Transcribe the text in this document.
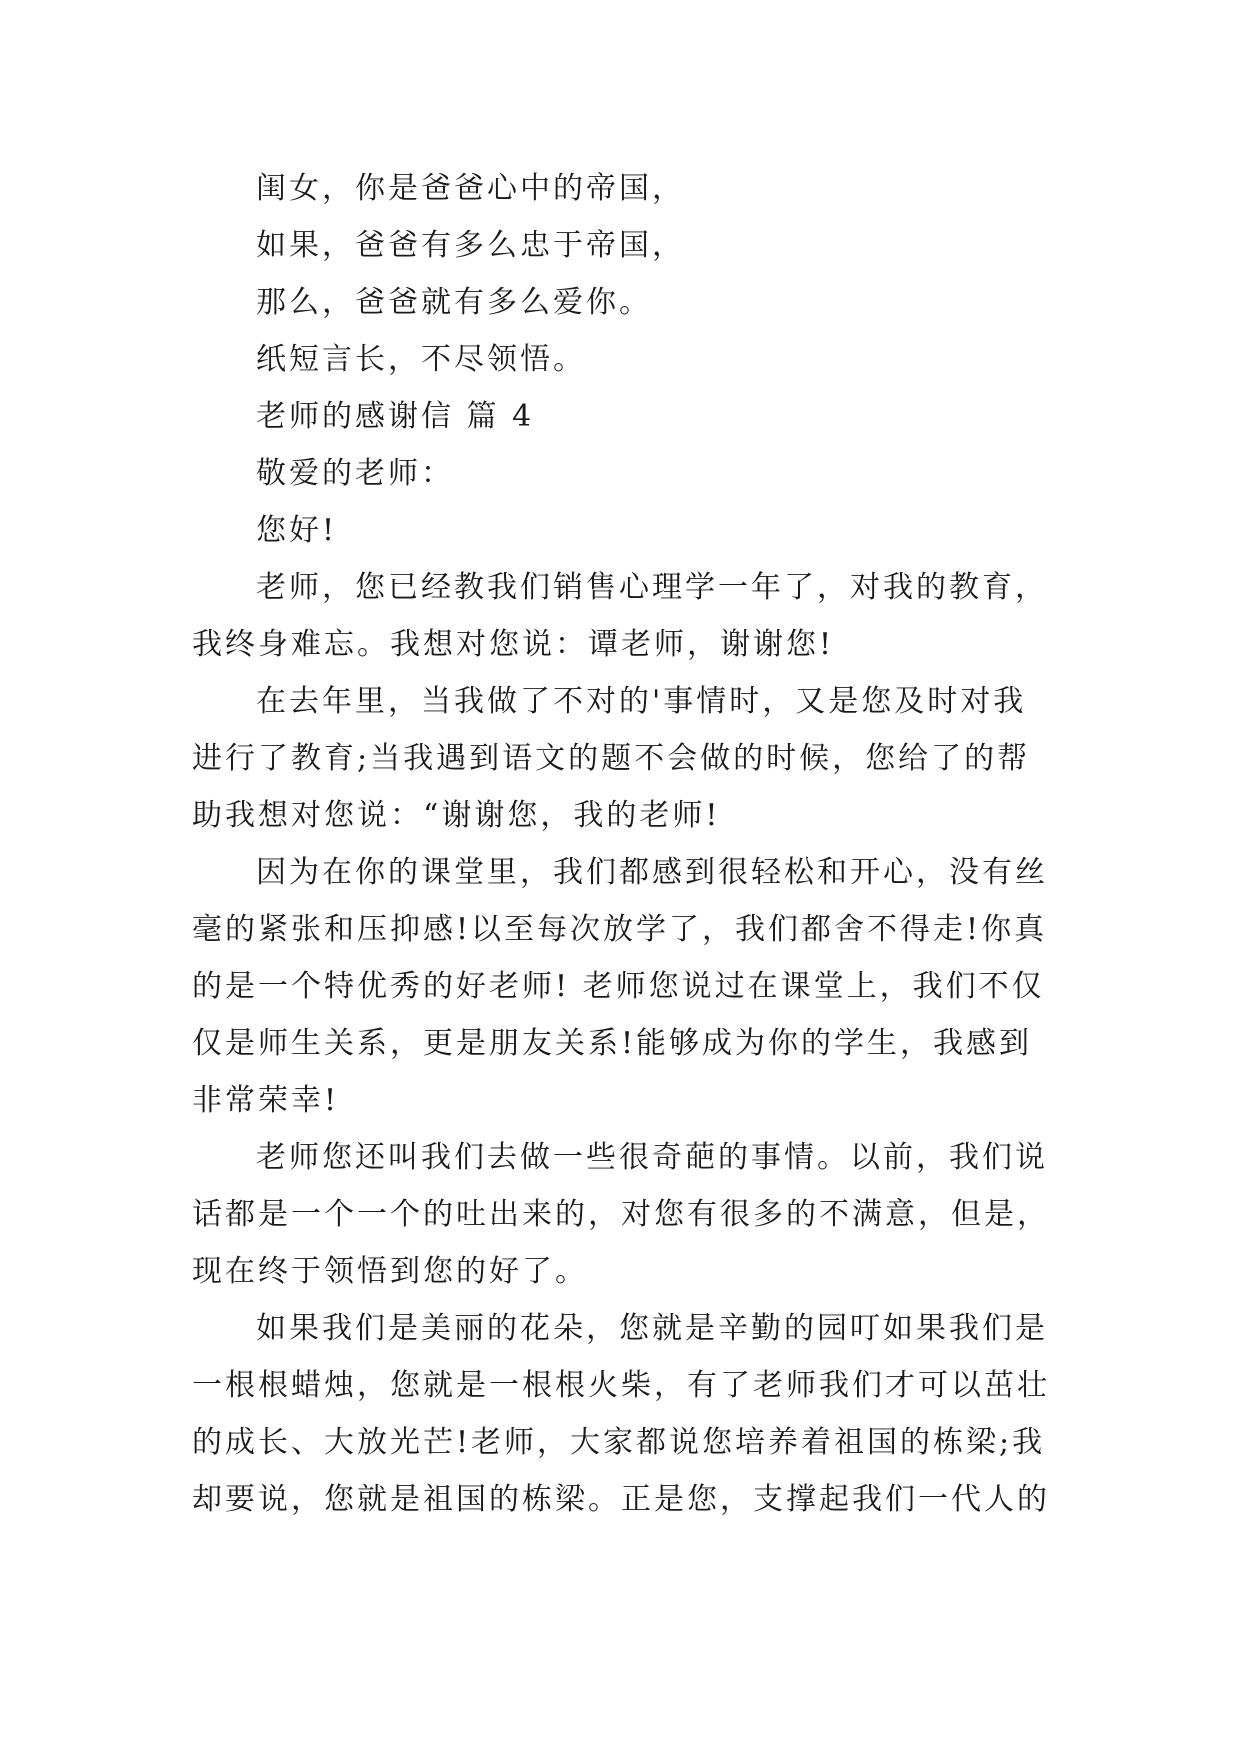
闺女，你是爸爸心中的帝国，
如果，爸爸有多么忠于帝国，
那么，爸爸就有多么爱你。
纸短言长，不尽领悟。
老师的感谢信 篇 4
敬爱的老师：
您好!
老师，您已经教我们销售心理学一年了，对我的教育，
我终身难忘。我想对您说：谭老师，谢谢您!
在去年里，当我做了不对的'事情时，又是您及时对我
进行了教育;当我遇到语文的题不会做的时候，您给了的帮
助我想对您说：“谢谢您，我的老师!
因为在你的课堂里，我们都感到很轻松和开心，没有丝
毫的紧张和压抑感!以至每次放学了，我们都舍不得走!你真
的是一个特优秀的好老师! 老师您说过在课堂上，我们不仅
仅是师生关系，更是朋友关系!能够成为你的学生，我感到
非常荣幸!
老师您还叫我们去做一些很奇葩的事情。以前，我们说
话都是一个一个的吐出来的，对您有很多的不满意，但是，
现在终于领悟到您的好了。
如果我们是美丽的花朵，您就是辛勤的园叮如果我们是
一根根蜡烛，您就是一根根火柴，有了老师我们才可以茁壮
的成长、大放光芒!老师，大家都说您培养着祖国的栋梁;我
却要说，您就是祖国的栋梁。正是您，支撑起我们一代人的
